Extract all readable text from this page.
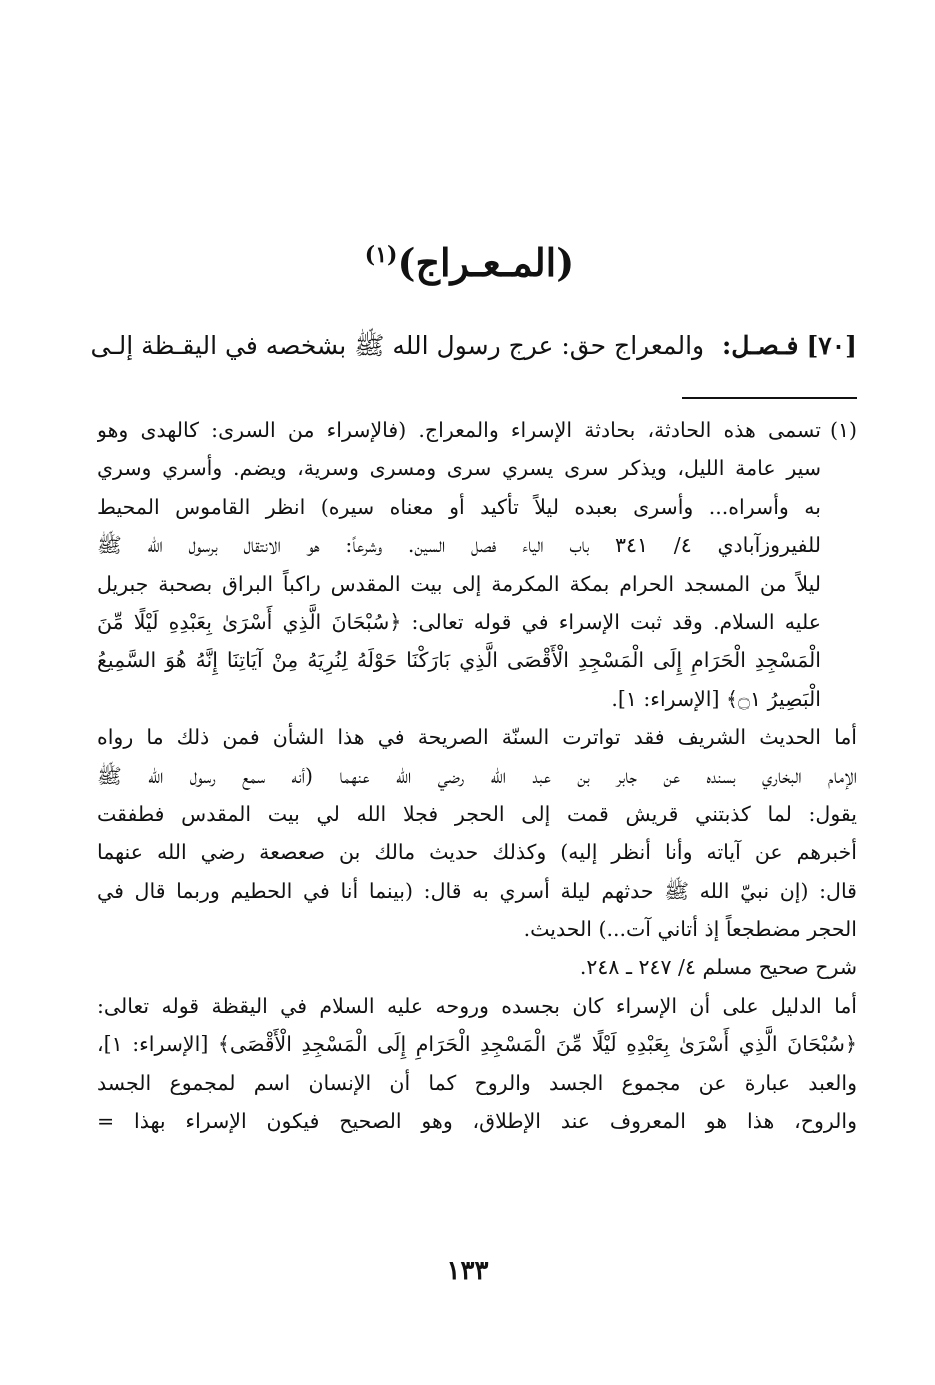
(المـعـراج)$^{(١)}$
[٧٠] فـصـل: والمعراج حق: عرج رسول الله ﷺ بشخصه في اليقـظة إلـى
(١)
تسمى هذه الحادثة، بحادثة الإسراء والمعراج. (فالإسراء من السرى: كالهدى وهو
سير عامة الليل، ويذكر سرى يسري سرى ومسرى وسرية، ويضم. وأسري وسري
به وأسراه... وأسرى بعبده ليلاً تأكيد أو معناه سيره) انظر القاموس المحيط
للفيروزآبادي ٤/ ٣٤١ باب الياء فصل السين. وشرعاً: هو الانتقال برسول الله ﷺ
ليلاً من المسجد الحرام بمكة المكرمة إلى بيت المقدس راكباً البراق بصحبة جبريل
عليه السلام. وقد ثبت الإسراء في قوله تعالى: ﴿سُبْحَانَ الَّذِي أَسْرَىٰ بِعَبْدِهِ لَيْلًا مِّنَ
الْمَسْجِدِ الْحَرَامِ إِلَى الْمَسْجِدِ الْأَقْصَى الَّذِي بَارَكْنَا حَوْلَهُ لِنُرِيَهُ مِنْ آيَاتِنَا إِنَّهُ هُوَ السَّمِيعُ
الْبَصِيرُ ۝١﴾ [الإسراء: ١].
أما الحديث الشريف فقد تواترت السنّة الصريحة في هذا الشأن فمن ذلك ما رواه
الإمام البخاري بسنده عن جابر بن عبد الله رضي الله عنهما (أنه سمع رسول الله ﷺ
يقول: لما كذبتني قريش قمت إلى الحجر فجلا الله لي بيت المقدس فطفقت
أخبرهم عن آياته وأنا أنظر إليه) وكذلك حديث مالك بن صعصعة رضي الله عنهما
قال: (إن نبيّ الله ﷺ حدثهم ليلة أسري به قال: (بينما أنا في الحطيم وربما قال في
الحجر مضطجعاً إذ أتاني آت...) الحديث.
شرح صحيح مسلم ٤/ ٢٤٧ ـ ٢٤٨.
أما الدليل على أن الإسراء كان بجسده وروحه عليه السلام في اليقظة قوله تعالى:
﴿سُبْحَانَ الَّذِي أَسْرَىٰ بِعَبْدِهِ لَيْلًا مِّنَ الْمَسْجِدِ الْحَرَامِ إِلَى الْمَسْجِدِ الْأَقْصَى﴾ [الإسراء: ١]،
والعبد عبارة عن مجموع الجسد والروح كما أن الإنسان اسم لمجموع الجسد
والروح، هذا هو المعروف عند الإطلاق، وهو الصحيح فيكون الإسراء بهذا =
١٣٣
